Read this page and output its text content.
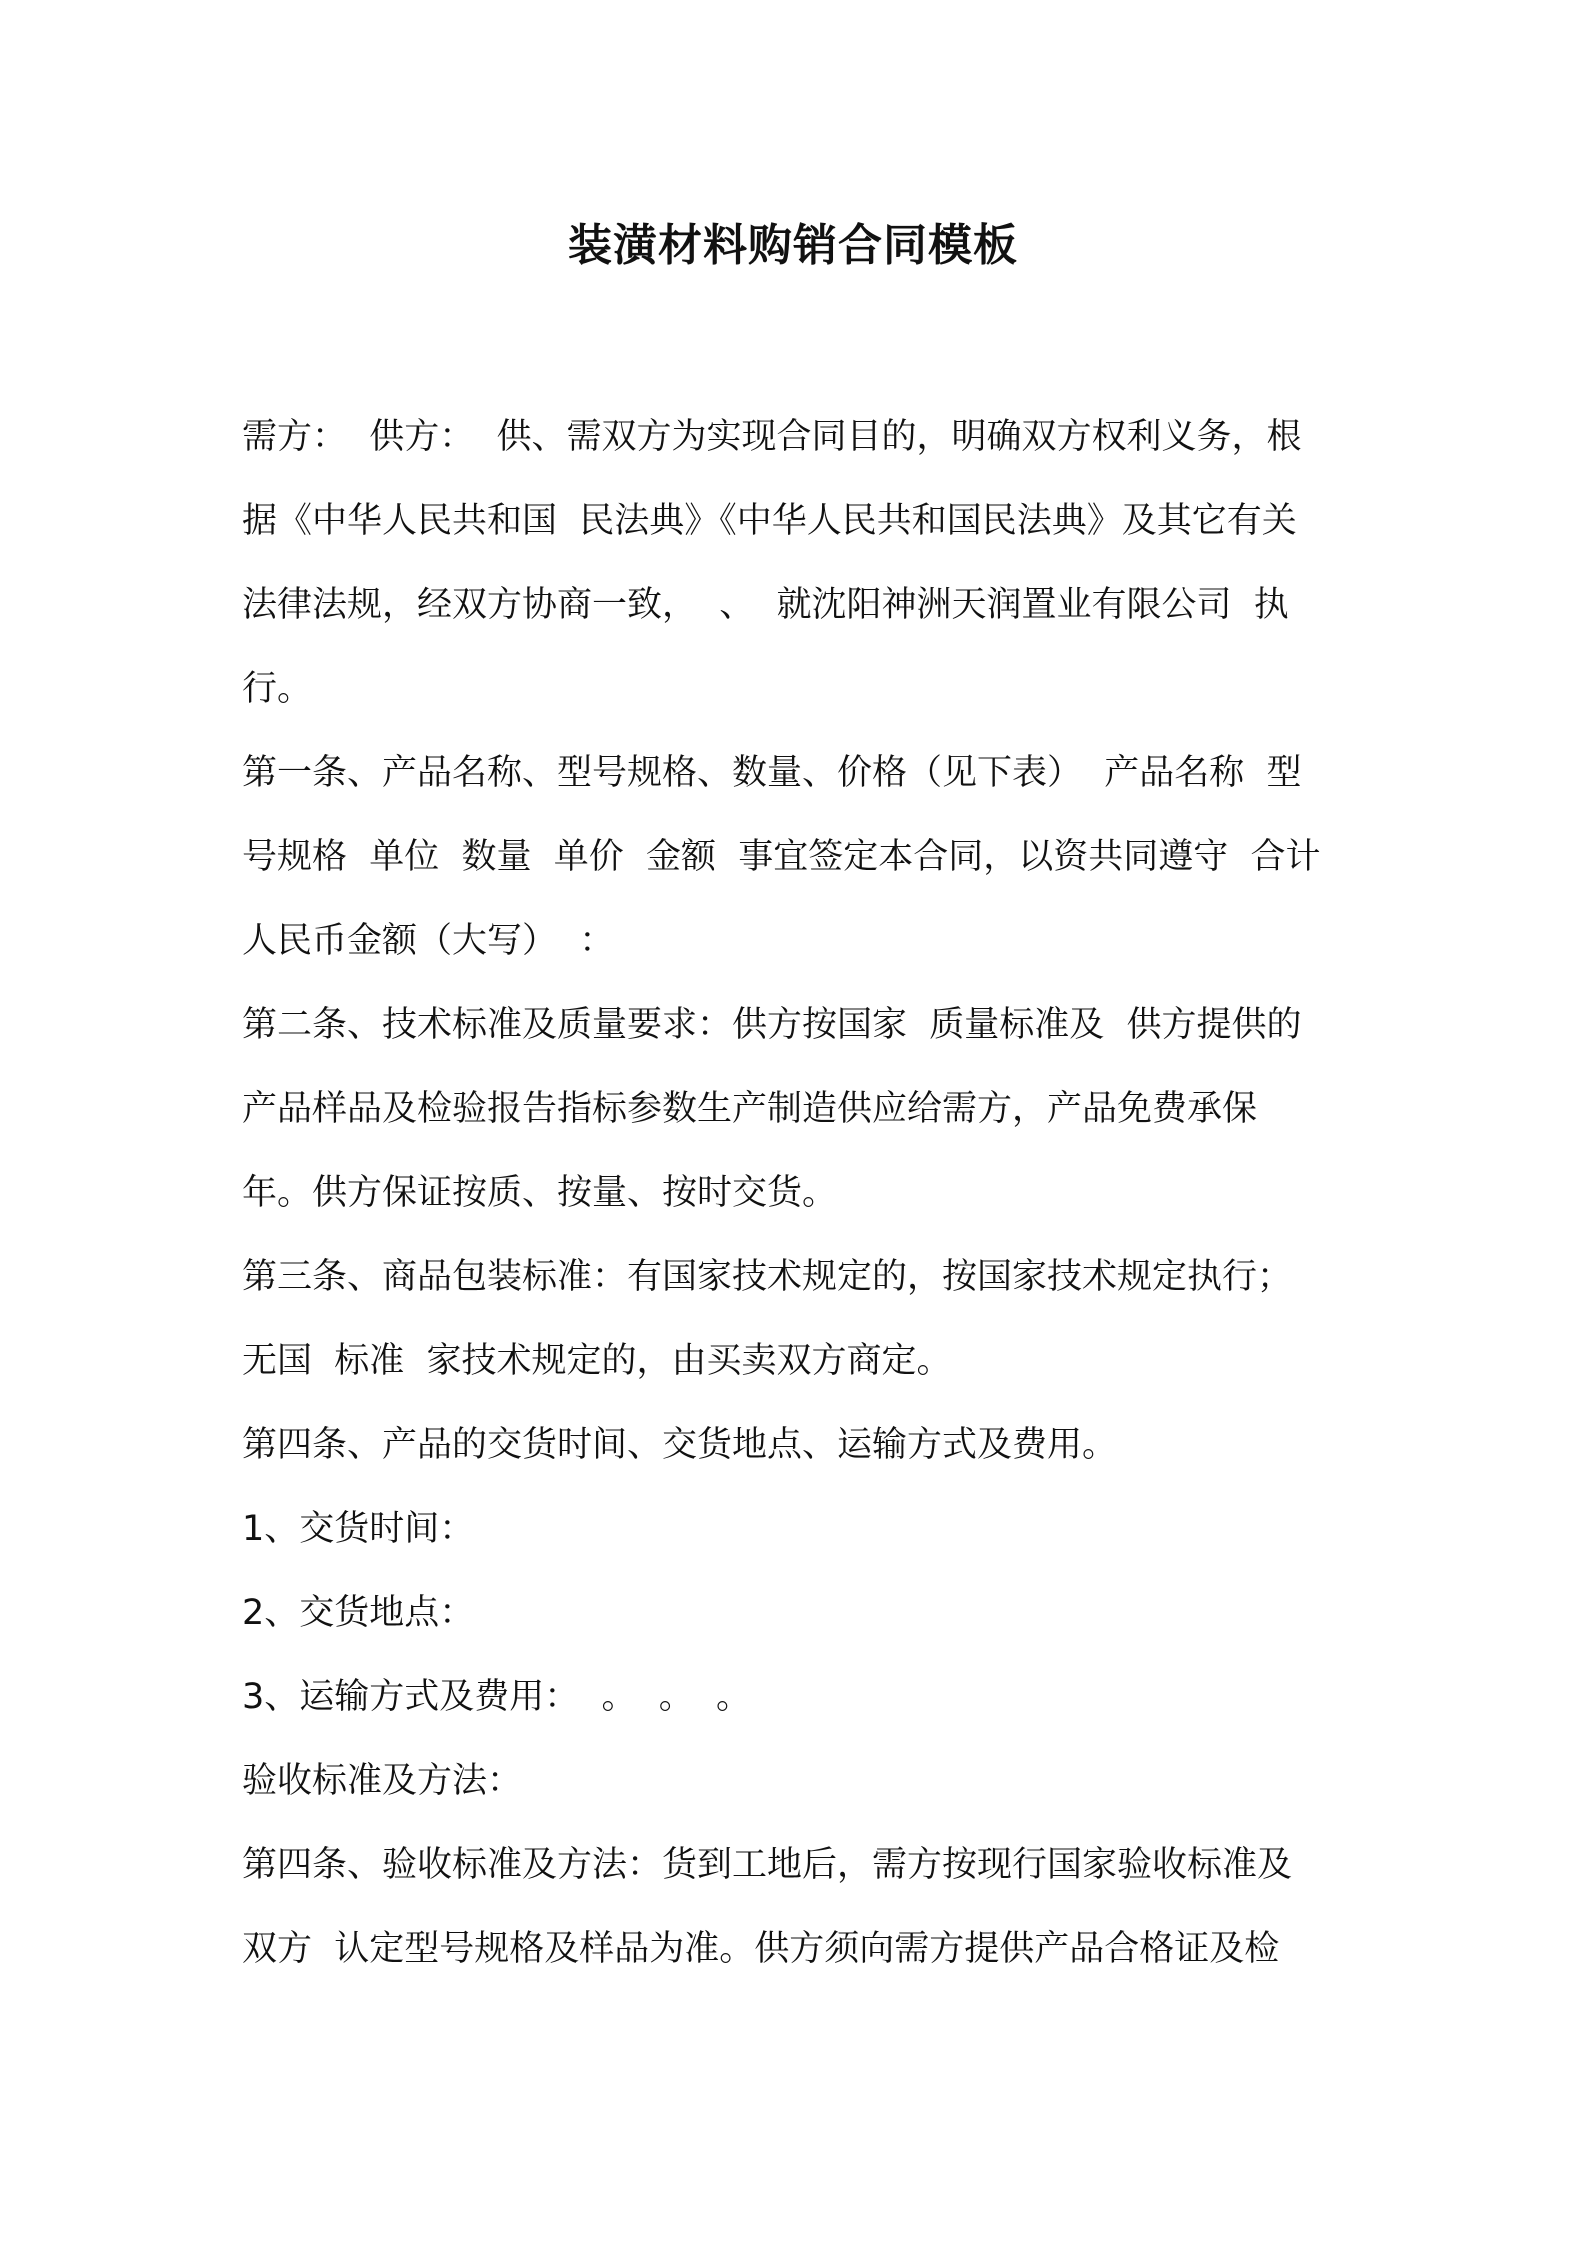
装潢材料购销合同模板
需方：  供方：  供、需双方为实现合同目的，明确双方权利义务，根
据《中华人民共和国  民法典》《中华人民共和国民法典》及其它有关
法律法规，经双方协商一致，  、  就沈阳神洲天润置业有限公司  执
行。
第一条、产品名称、型号规格、数量、价格（见下表）  产品名称  型
号规格  单位  数量  单价  金额  事宜签定本合同，以资共同遵守  合计
人民币金额（大写）  ：
第二条、技术标准及质量要求：供方按国家  质量标准及  供方提供的
产品样品及检验报告指标参数生产制造供应给需方，产品免费承保
年。供方保证按质、按量、按时交货。
第三条、商品包装标准：有国家技术规定的，按国家技术规定执行；
无国  标准  家技术规定的，由买卖双方商定。
第四条、产品的交货时间、交货地点、运输方式及费用。
1、交货时间：
2、交货地点：
3、运输方式及费用：  。  。  。
验收标准及方法：
第四条、验收标准及方法：货到工地后，需方按现行国家验收标准及
双方  认定型号规格及样品为准。供方须向需方提供产品合格证及检
